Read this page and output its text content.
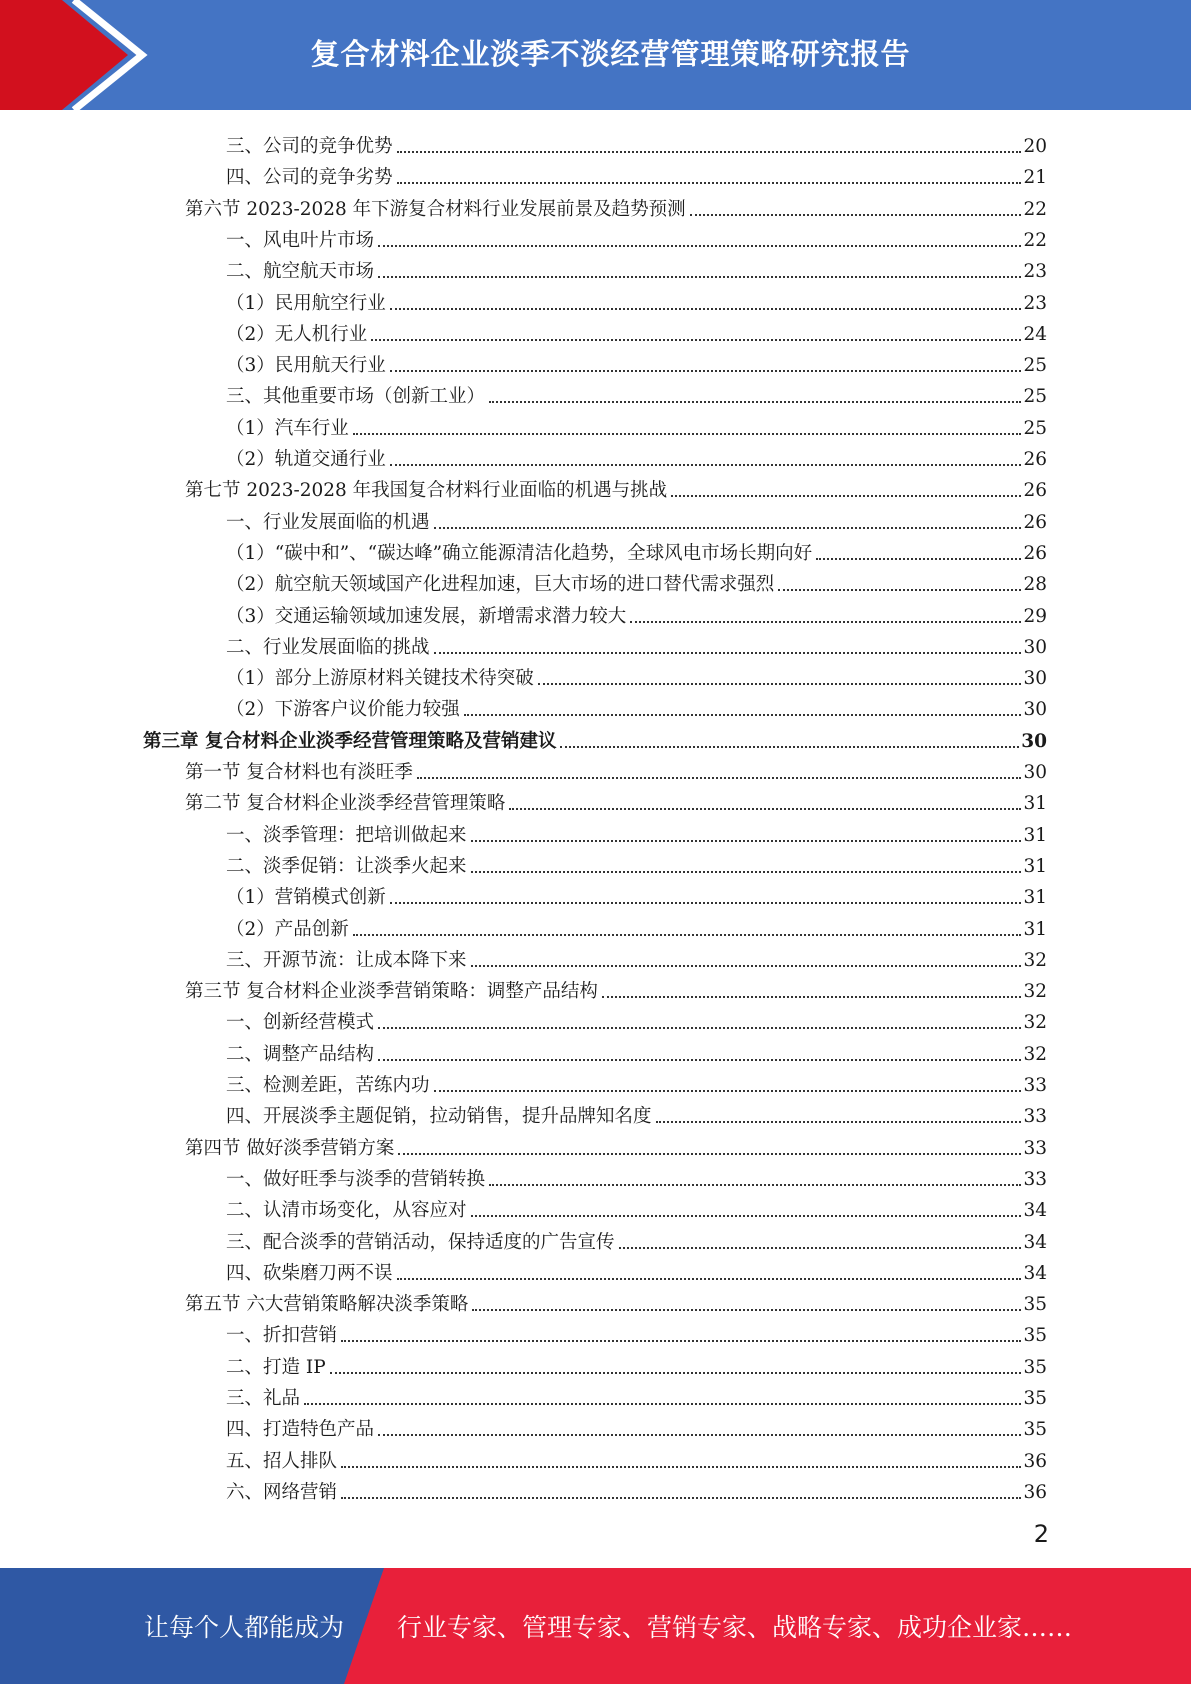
复合材料企业淡季不淡经营管理策略研究报告
三、公司的竞争优势	20
四、公司的竞争劣势	21
第六节 2023-2028 年下游复合材料行业发展前景及趋势预测	22
一、风电叶片市场	22
二、航空航天市场	23
（1）民用航空行业	23
（2）无人机行业	24
（3）民用航天行业	25
三、其他重要市场（创新工业）	25
（1）汽车行业	25
（2）轨道交通行业	26
第七节 2023-2028 年我国复合材料行业面临的机遇与挑战	26
一、行业发展面临的机遇	26
（1）“碳中和”、“碳达峰”确立能源清洁化趋势，全球风电市场长期向好	26
（2）航空航天领域国产化进程加速，巨大市场的进口替代需求强烈	28
（3）交通运输领域加速发展，新增需求潜力较大	29
二、行业发展面临的挑战	30
（1）部分上游原材料关键技术待突破	30
（2）下游客户议价能力较强	30
第三章 复合材料企业淡季经营管理策略及营销建议	30
第一节 复合材料也有淡旺季	30
第二节 复合材料企业淡季经营管理策略	31
一、淡季管理：把培训做起来	31
二、淡季促销：让淡季火起来	31
（1）营销模式创新	31
（2）产品创新	31
三、开源节流：让成本降下来	32
第三节 复合材料企业淡季营销策略：调整产品结构	32
一、创新经营模式	32
二、调整产品结构	32
三、检测差距，苦练内功	33
四、开展淡季主题促销，拉动销售，提升品牌知名度	33
第四节 做好淡季营销方案	33
一、做好旺季与淡季的营销转换	33
二、认清市场变化，从容应对	34
三、配合淡季的营销活动，保持适度的广告宣传	34
四、砍柴磨刀两不误	34
第五节 六大营销策略解决淡季策略	35
一、折扣营销	35
二、打造 IP	35
三、礼品	35
四、打造特色产品	35
五、招人排队	36
六、网络营销	36
2
让每个人都能成为 行业专家、管理专家、营销专家、战略专家、成功企业家……
